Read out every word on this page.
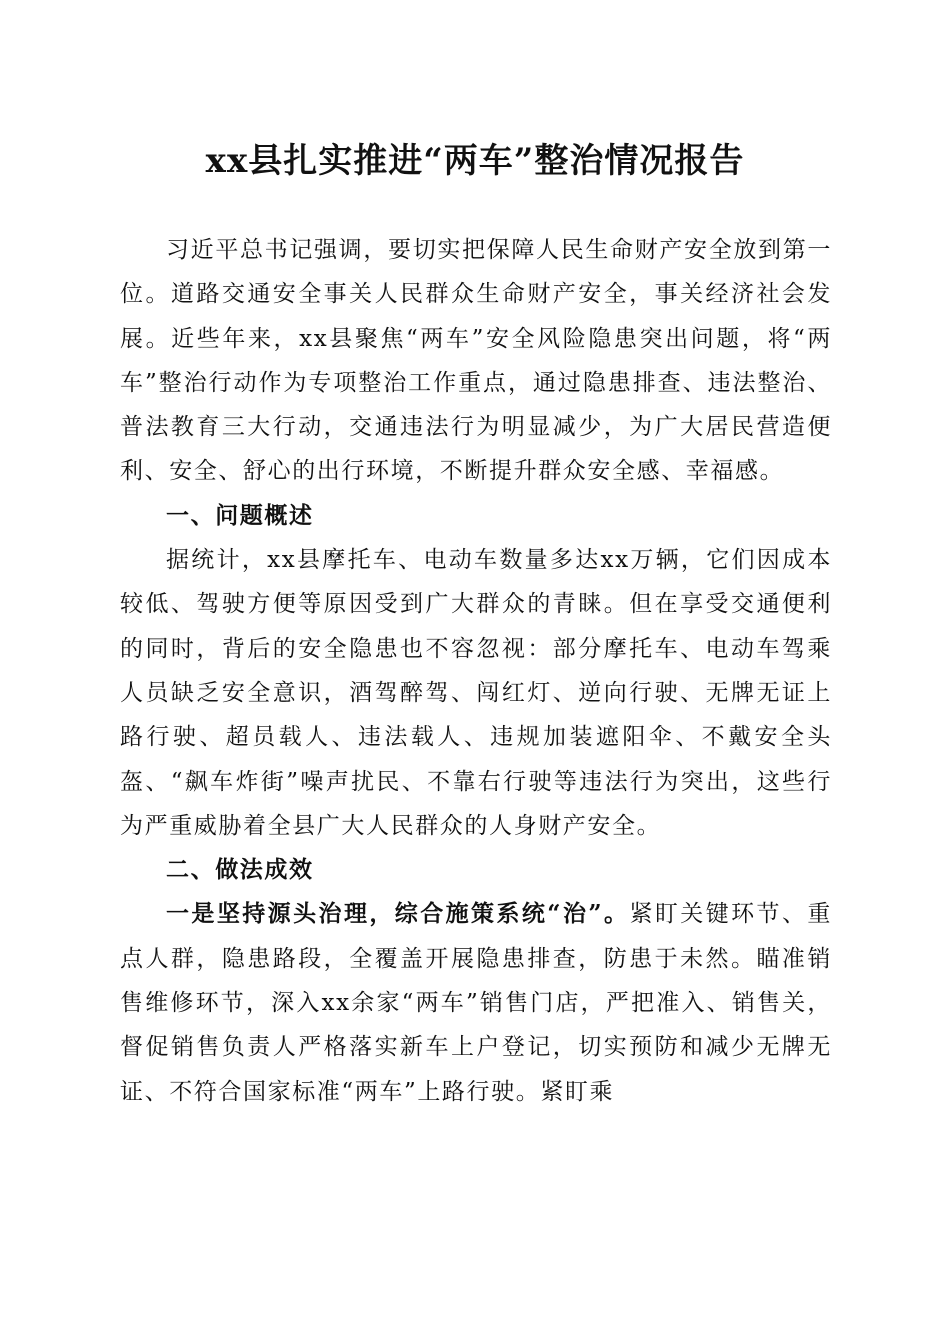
xx县扎实推进“两车”整治情况报告

习近平总书记强调，要切实把保障人民生命财产安全放到第一位。道路交通安全事关人民群众生命财产安全，事关经济社会发展。近些年来，xx县聚焦“两车”安全风险隐患突出问题，将“两车”整治行动作为专项整治工作重点，通过隐患排查、违法整治、普法教育三大行动，交通违法行为明显减少，为广大居民营造便利、安全、舒心的出行环境，不断提升群众安全感、幸福感。

一、问题概述

据统计，xx县摩托车、电动车数量多达xx万辆，它们因成本较低、驾驶方便等原因受到广大群众的青睐。但在享受交通便利的同时，背后的安全隐患也不容忽视：部分摩托车、电动车驾乘人员缺乏安全意识，酒驾醉驾、闯红灯、逆向行驶、无牌无证上路行驶、超员载人、违法载人、违规加装遮阳伞、不戴安全头盔、“飙车炸街”噪声扰民、不靠右行驶等违法行为突出，这些行为严重威胁着全县广大人民群众的人身财产安全。

二、做法成效

一是坚持源头治理，综合施策系统“治”。紧盯关键环节、重点人群，隐患路段，全覆盖开展隐患排查，防患于未然。瞄准销售维修环节，深入xx余家“两车”销售门店，严把准入、销售关，督促销售负责人严格落实新车上户登记，切实预防和减少无牌无证、不符合国家标准“两车”上路行驶。紧盯乘
